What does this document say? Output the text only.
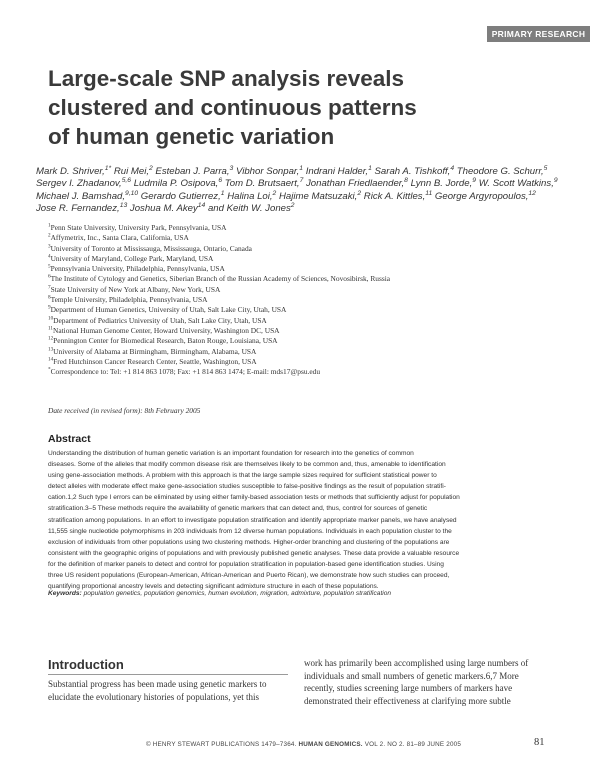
PRIMARY RESEARCH
Large-scale SNP analysis reveals
clustered and continuous patterns
of human genetic variation
Mark D. Shriver,$^{1*}$ Rui Mei,$^2$ Esteban J. Parra,$^3$ Vibhor Sonpar,$^1$ Indrani Halder,$^1$ Sarah A. Tishkoff,$^4$ Theodore G. Schurr,$^5$
Sergev I. Zhadanov,$^{5,6}$ Ludmila P. Osipova,$^6$ Tom D. Brutsaert,$^7$ Jonathan Friedlaender,$^8$ Lynn B. Jorde,$^9$ W. Scott Watkins,$^9$
Michael J. Bamshad,$^{9,10}$ Gerardo Gutierrez,$^1$ Halina Loi,$^2$ Hajime Matsuzaki,$^2$ Rick A. Kittles,$^{11}$ George Argyropoulos,$^{12}$
Jose R. Fernandez,$^{13}$ Joshua M. Akey$^{14}$ and Keith W. Jones$^2$
$^1$Penn State University, University Park, Pennsylvania, USA
$^2$Affymetrix, Inc., Santa Clara, California, USA
$^3$University of Toronto at Mississauga, Mississauga, Ontario, Canada
$^4$University of Maryland, College Park, Maryland, USA
$^5$Pennsylvania University, Philadelphia, Pennsylvania, USA
$^6$The Institute of Cytology and Genetics, Siberian Branch of the Russian Academy of Sciences, Novosibirsk, Russia
$^7$State University of New York at Albany, New York, USA
$^8$Temple University, Philadelphia, Pennsylvania, USA
$^9$Department of Human Genetics, University of Utah, Salt Lake City, Utah, USA
$^{10}$Department of Pediatrics University of Utah, Salt Lake City, Utah, USA
$^{11}$National Human Genome Center, Howard University, Washington DC, USA
$^{12}$Pennington Center for Biomedical Research, Baton Rouge, Louisiana, USA
$^{13}$University of Alabama at Birmingham, Birmingham, Alabama, USA
$^{14}$Fred Hutchinson Cancer Research Center, Seattle, Washington, USA
*Correspondence to: Tel: +1 814 863 1078; Fax: +1 814 863 1474; E-mail: mds17@psu.edu
Date received (in revised form): 8th February 2005
Abstract
Understanding the distribution of human genetic variation is an important foundation for research into the genetics of common
diseases. Some of the alleles that modify common disease risk are themselves likely to be common and, thus, amenable to identification
using gene-association methods. A problem with this approach is that the large sample sizes required for sufficient statistical power to
detect alleles with moderate effect make gene-association studies susceptible to false-positive findings as the result of population stratifi-
cation.1,2 Such type I errors can be eliminated by using either family-based association tests or methods that sufficiently adjust for population
stratification.3–5 These methods require the availability of genetic markers that can detect and, thus, control for sources of genetic
stratification among populations. In an effort to investigate population stratification and identify appropriate marker panels, we have analysed
11,555 single nucleotide polymorphisms in 203 individuals from 12 diverse human populations. Individuals in each population cluster to the
exclusion of individuals from other populations using two clustering methods. Higher-order branching and clustering of the populations are
consistent with the geographic origins of populations and with previously published genetic analyses. These data provide a valuable resource
for the definition of marker panels to detect and control for population stratification in population-based gene identification studies. Using
three US resident populations (European-American, African-American and Puerto Rican), we demonstrate how such studies can proceed,
quantifying proportional ancestry levels and detecting significant admixture structure in each of these populations.
Keywords: population genetics, population genomics, human evolution, migration, admixture, population stratification
Introduction
Substantial progress has been made using genetic markers to
elucidate the evolutionary histories of populations, yet this
work has primarily been accomplished using large numbers of
individuals and small numbers of genetic markers.6,7 More
recently, studies screening large numbers of markers have
demonstrated their effectiveness at clarifying more subtle
© HENRY STEWART PUBLICATIONS 1479–7364. HUMAN GENOMICS. VOL 2. NO 2. 81–89 JUNE 2005	81
